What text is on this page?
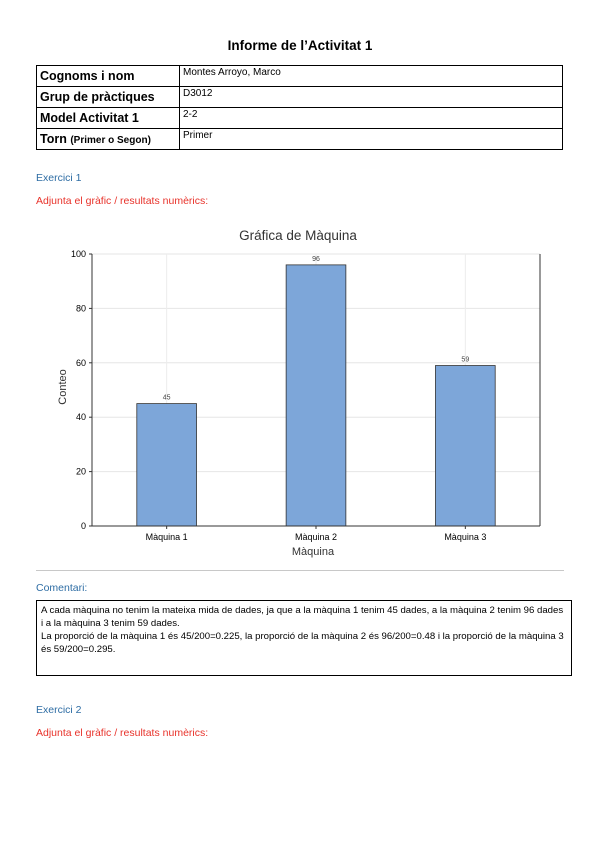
Informe de l’Activitat 1
Cognoms i nom	Montes Arroyo, Marco
Grup de pràctiques	D3012
Model Activitat 1	2-2
Torn (Primer o Segon)	Primer
Exercici 1
Adjunta el gràfic / resultats numèrics:
Gráfica de Màquina
45
96
59
Màquina 1	Màquina 2	Màquina 3
0
20
40
60
80
100
Màquina
Conteo
Comentari:

A cada màquina no tenim la mateixa mida de dades, ja que a la màquina 1 tenim 45 dades, a la màquina 2 tenim 96 dades i a la màquina 3 tenim 59 dades.

La proporció de la màquina 1 és 45/200=0.225, la proporció de la màquina 2 és 96/200=0.48 i la proporció de la màquina 3 és 59/200=0.295.

Exercici 2
Adjunta el gràfic / resultats numèrics:
